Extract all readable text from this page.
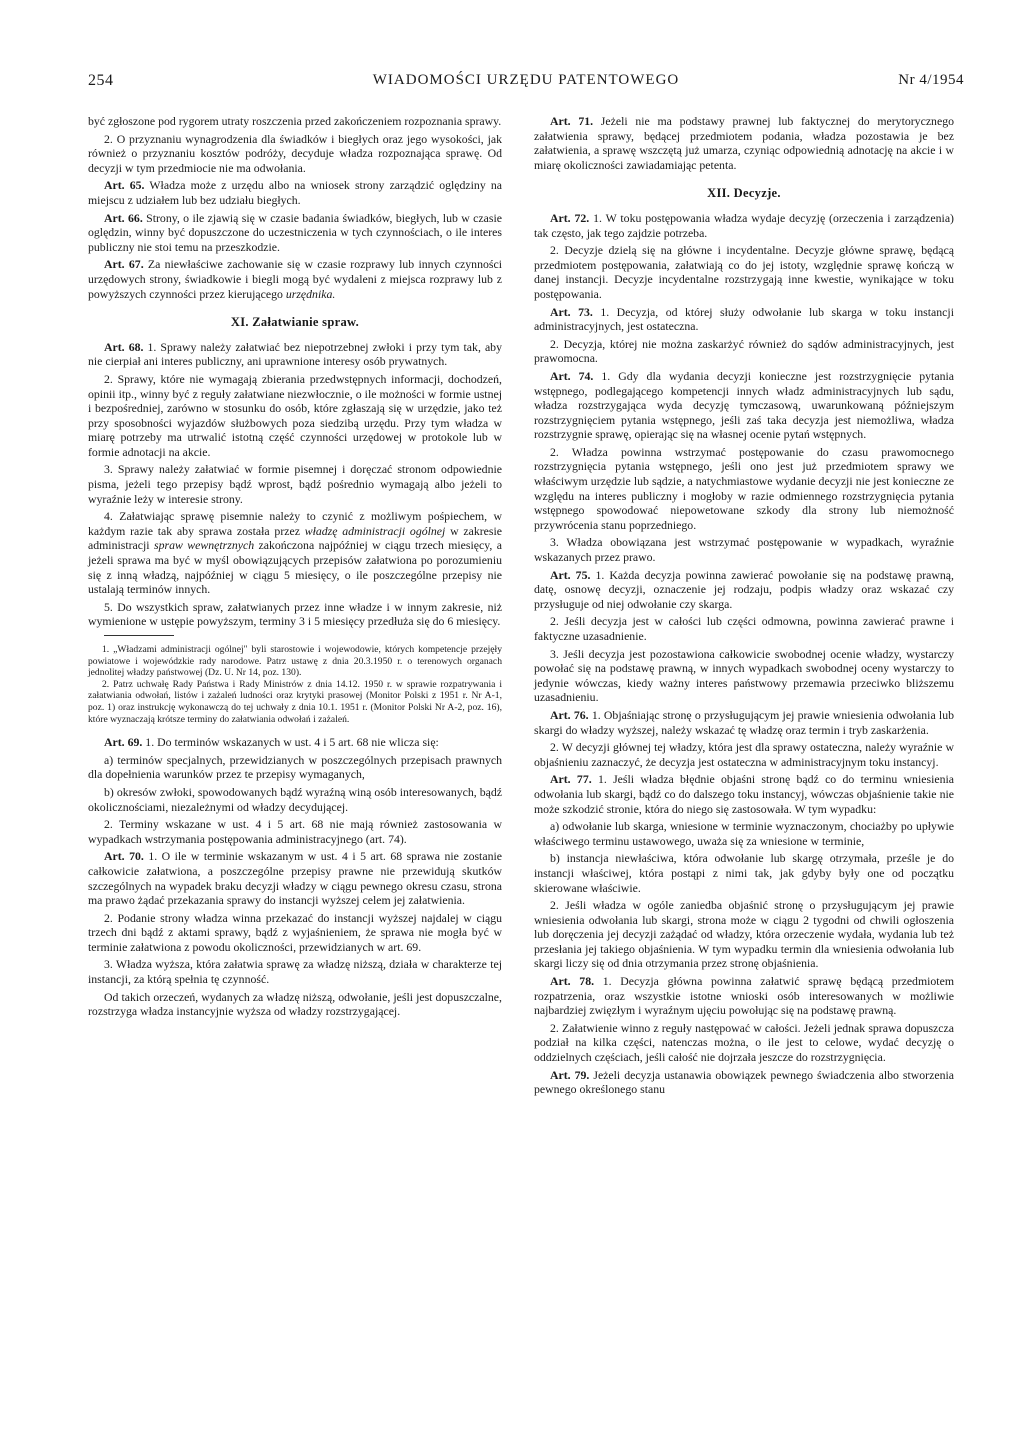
254	WIADOMOŚCI URZĘDU PATENTOWEGO	Nr 4/1954

być zgłoszone pod rygorem utraty roszczenia przed zakończeniem rozpoznania sprawy.

2. O przyznaniu wynagrodzenia dla świadków i biegłych oraz jego wysokości, jak również o przyznaniu kosztów podróży, decyduje władza rozpoznająca sprawę. Od decyzji w tym przedmiocie nie ma odwołania.

Art. 65. Władza może z urzędu albo na wniosek strony zarządzić oględziny na miejscu z udziałem lub bez udziału biegłych.

Art. 66. Strony, o ile zjawią się w czasie badania świadków, biegłych, lub w czasie oględzin, winny być dopuszczone do uczestniczenia w tych czynnościach, o ile interes publiczny nie stoi temu na przeszkodzie.

Art. 67. Za niewłaściwe zachowanie się w czasie rozprawy lub innych czynności urzędowych strony, świadkowie i biegli mogą być wydaleni z miejsca rozprawy lub z powyższych czynności przez kierującego urzędnika.

XI. Załatwianie spraw.

Art. 68. 1. Sprawy należy załatwiać bez niepotrzebnej zwłoki i przy tym tak, aby nie cierpiał ani interes publiczny, ani uprawnione interesy osób prywatnych.

2. Sprawy, które nie wymagają zbierania przedwstępnych informacji, dochodzeń, opinii itp., winny być z reguły załatwiane niezwłocznie, o ile możności w formie ustnej i bezpośredniej, zarówno w stosunku do osób, które zgłaszają się w urzędzie, jako też przy sposobności wyjazdów służbowych poza siedzibą urzędu. Przy tym władza w miarę potrzeby ma utrwalić istotną część czynności urzędowej w protokole lub w formie adnotacji na akcie.

3. Sprawy należy załatwiać w formie pisemnej i doręczać stronom odpowiednie pisma, jeżeli tego przepisy bądź wprost, bądź pośrednio wymagają albo jeżeli to wyraźnie leży w interesie strony.

4. Załatwiając sprawę pisemnie należy to czynić z możliwym pośpiechem, w każdym razie tak aby sprawa została przez władzę administracji ogólnej w zakresie administracji spraw wewnętrznych zakończona najpóźniej w ciągu trzech miesięcy, a jeżeli sprawa ma być w myśl obowiązujących przepisów załatwiona po porozumieniu się z inną władzą, najpóźniej w ciągu 5 miesięcy, o ile poszczególne przepisy nie ustalają terminów innych.

5. Do wszystkich spraw, załatwianych przez inne władze i w innym zakresie, niż wymienione w ustępie powyższym, terminy 3 i 5 miesięcy przedłuża się do 6 miesięcy.

1. „Władzami administracji ogólnej" byli starostowie i wojewodowie, których kompetencje przejęły powiatowe i wojewódzkie rady narodowe. Patrz ustawę z dnia 20.3.1950 r. o terenowych organach jednolitej władzy państwowej (Dz. U. Nr 14, poz. 130).

2. Patrz uchwałę Rady Państwa i Rady Ministrów z dnia 14.12. 1950 r. w sprawie rozpatrywania i załatwiania odwołań, listów i zażaleń ludności oraz krytyki prasowej (Monitor Polski z 1951 r. Nr A-1, poz. 1) oraz instrukcję wykonawczą do tej uchwały z dnia 10.1. 1951 r. (Monitor Polski Nr A-2, poz. 16), które wyznaczają krótsze terminy do załatwiania odwołań i zażaleń.

Art. 69. 1. Do terminów wskazanych w ust. 4 i 5 art. 68 nie wlicza się:

a) terminów specjalnych, przewidzianych w poszczególnych przepisach prawnych dla dopełnienia warunków przez te przepisy wymaganych,

b) okresów zwłoki, spowodowanych bądź wyraźną winą osób interesowanych, bądź okolicznościami, niezależnymi od władzy decydującej.

2. Terminy wskazane w ust. 4 i 5 art. 68 nie mają również zastosowania w wypadkach wstrzymania postępowania administracyjnego (art. 74).

Art. 70. 1. O ile w terminie wskazanym w ust. 4 i 5 art. 68 sprawa nie zostanie całkowicie załatwiona, a poszczególne przepisy prawne nie przewidują skutków szczególnych na wypadek braku decyzji władzy w ciągu pewnego okresu czasu, strona ma prawo żądać przekazania sprawy do instancji wyższej celem jej załatwienia.

2. Podanie strony władza winna przekazać do instancji wyższej najdalej w ciągu trzech dni bądź z aktami sprawy, bądź z wyjaśnieniem, że sprawa nie mogła być w terminie załatwiona z powodu okoliczności, przewidzianych w art. 69.

3. Władza wyższa, która załatwia sprawę za władzę niższą, działa w charakterze tej instancji, za którą spełnia tę czynność.

Od takich orzeczeń, wydanych za władzę niższą, odwołanie, jeśli jest dopuszczalne, rozstrzyga władza instancyjnie wyższa od władzy rozstrzygającej.

Art. 71. Jeżeli nie ma podstawy prawnej lub faktycznej do merytorycznego załatwienia sprawy, będącej przedmiotem podania, władza pozostawia je bez załatwienia, a sprawę wszczętą już umarza, czyniąc odpowiednią adnotację na akcie i w miarę okoliczności zawiadamiając petenta.

XII. Decyzje.

Art. 72. 1. W toku postępowania władza wydaje decyzję (orzeczenia i zarządzenia) tak często, jak tego zajdzie potrzeba.

2. Decyzje dzielą się na główne i incydentalne. Decyzje główne sprawę, będącą przedmiotem postępowania, załatwiają co do jej istoty, względnie sprawę kończą w danej instancji. Decyzje incydentalne rozstrzygają inne kwestie, wynikające w toku postępowania.

Art. 73. 1. Decyzja, od której służy odwołanie lub skarga w toku instancji administracyjnych, jest ostateczna.

2. Decyzja, której nie można zaskarżyć również do sądów administracyjnych, jest prawomocna.

Art. 74. 1. Gdy dla wydania decyzji konieczne jest rozstrzygnięcie pytania wstępnego, podlegającego kompetencji innych władz administracyjnych lub sądu, władza rozstrzygająca wyda decyzję tymczasową, uwarunkowaną późniejszym rozstrzygnięciem pytania wstępnego, jeśli zaś taka decyzja jest niemożliwa, władza rozstrzygnie sprawę, opierając się na własnej ocenie pytań wstępnych.

2. Władza powinna wstrzymać postępowanie do czasu prawomocnego rozstrzygnięcia pytania wstępnego, jeśli ono jest już przedmiotem sprawy we właściwym urzędzie lub sądzie, a natychmiastowe wydanie decyzji nie jest konieczne ze względu na interes publiczny i mogłoby w razie odmiennego rozstrzygnięcia pytania wstępnego spowodować niepowetowane szkody dla strony lub niemożność przywrócenia stanu poprzedniego.

3. Władza obowiązana jest wstrzymać postępowanie w wypadkach, wyraźnie wskazanych przez prawo.

Art. 75. 1. Każda decyzja powinna zawierać powołanie się na podstawę prawną, datę, osnowę decyzji, oznaczenie jej rodzaju, podpis władzy oraz wskazać czy przysługuje od niej odwołanie czy skarga.

2. Jeśli decyzja jest w całości lub części odmowna, powinna zawierać prawne i faktyczne uzasadnienie.

3. Jeśli decyzja jest pozostawiona całkowicie swobodnej ocenie władzy, wystarczy powołać się na podstawę prawną, w innych wypadkach swobodnej oceny wystarczy to jedynie wówczas, kiedy ważny interes państwowy przemawia przeciwko bliższemu uzasadnieniu.

Art. 76. 1. Objaśniając stronę o przysługującym jej prawie wniesienia odwołania lub skargi do władzy wyższej, należy wskazać tę władzę oraz termin i tryb zaskarżenia.

2. W decyzji głównej tej władzy, która jest dla sprawy ostateczna, należy wyraźnie w objaśnieniu zaznaczyć, że decyzja jest ostateczna w administracyjnym toku instancyj.

Art. 77. 1. Jeśli władza błędnie objaśni stronę bądź co do terminu wniesienia odwołania lub skargi, bądź co do dalszego toku instancyj, wówczas objaśnienie takie nie może szkodzić stronie, która do niego się zastosowała. W tym wypadku:

a) odwołanie lub skarga, wniesione w terminie wyznaczonym, chociażby po upływie właściwego terminu ustawowego, uważa się za wniesione w terminie,

b) instancja niewłaściwa, która odwołanie lub skargę otrzymała, prześle je do instancji właściwej, która postąpi z nimi tak, jak gdyby były one od początku skierowane właściwie.

2. Jeśli władza w ogóle zaniedba objaśnić stronę o przysługującym jej prawie wniesienia odwołania lub skargi, strona może w ciągu 2 tygodni od chwili ogłoszenia lub doręczenia jej decyzji zażądać od władzy, która orzeczenie wydała, wydania lub też przesłania jej takiego objaśnienia. W tym wypadku termin dla wniesienia odwołania lub skargi liczy się od dnia otrzymania przez stronę objaśnienia.

Art. 78. 1. Decyzja główna powinna załatwić sprawę będącą przedmiotem rozpatrzenia, oraz wszystkie istotne wnioski osób interesowanych w możliwie najbardziej zwięzłym i wyraźnym ujęciu powołując się na podstawę prawną.

2. Załatwienie winno z reguły następować w całości. Jeżeli jednak sprawa dopuszcza podział na kilka części, natenczas można, o ile jest to celowe, wydać decyzję o oddzielnych częściach, jeśli całość nie dojrzała jeszcze do rozstrzygnięcia.

Art. 79. Jeżeli decyzja ustanawia obowiązek pewnego świadczenia albo stworzenia pewnego określonego stanu
